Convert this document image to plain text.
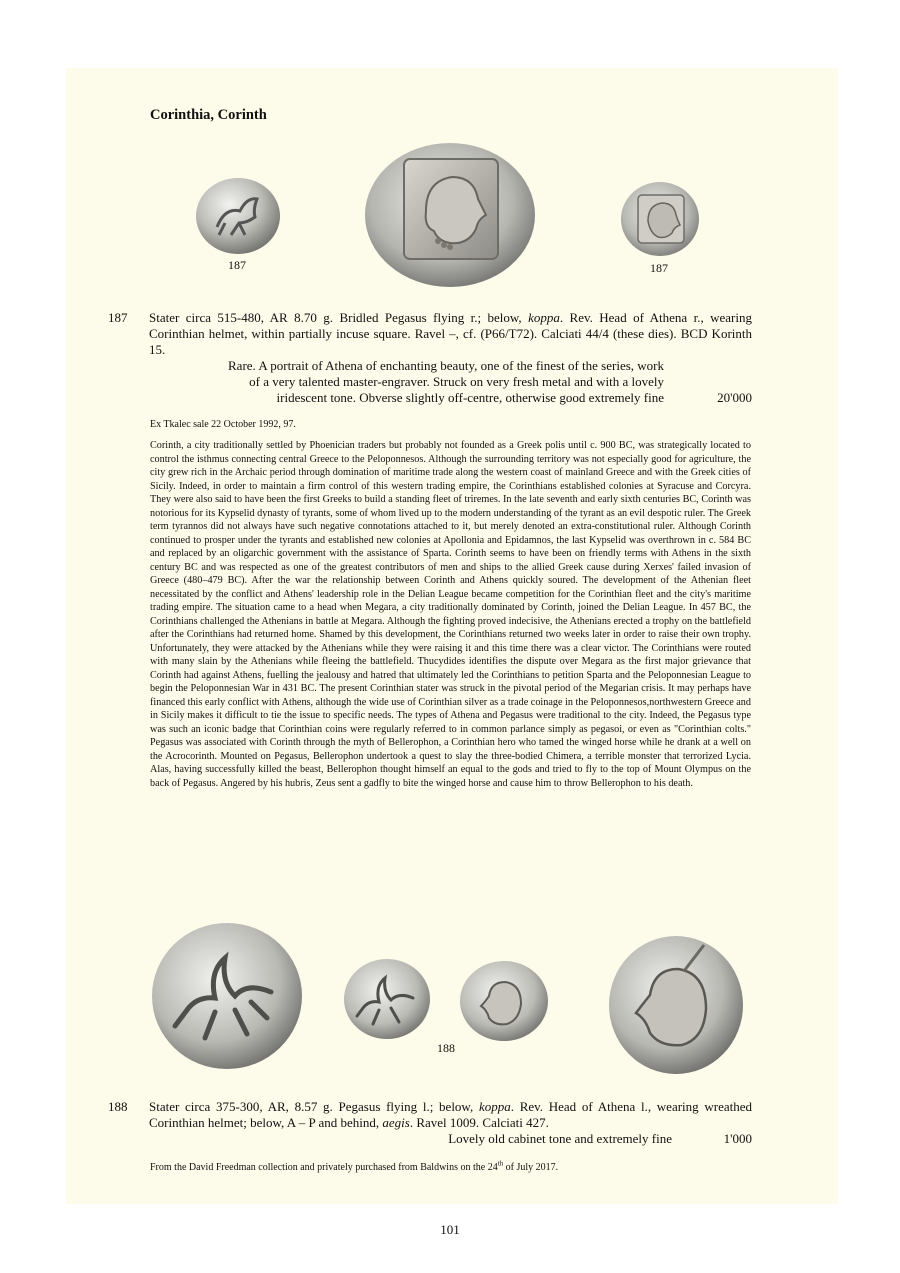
Corinthia, Corinth
187	187
187 Stater circa 515-480, AR 8.70 g. Bridled Pegasus flying r.; below, koppa. Rev. Head of Athena r., wearing Corinthian helmet, within partially incuse square. Ravel –, cf. (P66/T72). Calciati 44/4 (these dies). BCD Korinth 15.
Rare. A portrait of Athena of enchanting beauty, one of the finest of the series, work
of a very talented master-engraver. Struck on very fresh metal and with a lovely
iridescent tone. Obverse slightly off-centre, otherwise good extremely fine	20'000
Ex Tkalec sale 22 October 1992, 97.
Corinth, a city traditionally settled by Phoenician traders but probably not founded as a Greek polis until c. 900 BC, was strategically located to control the isthmus connecting central Greece to the Peloponnesos. Although the surrounding territory was not especially good for agriculture, the city grew rich in the Archaic period through domination of maritime trade along the western coast of mainland Greece and with the Greek cities of Sicily. Indeed, in order to maintain a firm control of this western trading empire, the Corinthians established colonies at Syracuse and Corcyra. They were also said to have been the first Greeks to build a standing fleet of triremes. In the late seventh and early sixth centuries BC, Corinth was notorious for its Kypselid dynasty of tyrants, some of whom lived up to the modern understanding of the tyrant as an evil despotic ruler. The Greek term tyrannos did not always have such negative connotations attached to it, but merely denoted an extra-constitutional ruler. Although Corinth continued to prosper under the tyrants and established new colonies at Apollonia and Epidamnos, the last Kypselid was overthrown in c. 584 BC and replaced by an oligarchic government with the assistance of Sparta. Corinth seems to have been on friendly terms with Athens in the sixth century BC and was respected as one of the greatest contributors of men and ships to the allied Greek cause during Xerxes' failed invasion of Greece (480–479 BC). After the war the relationship between Corinth and Athens quickly soured. The development of the Athenian fleet necessitated by the conflict and Athens' leadership role in the Delian League became competition for the Corinthian fleet and the city's maritime trading empire. The situation came to a head when Megara, a city traditionally dominated by Corinth, joined the Delian League. In 457 BC, the Corinthians challenged the Athenians in battle at Megara. Although the fighting proved indecisive, the Athenians erected a trophy on the battlefield after the Corinthians had returned home. Shamed by this development, the Corinthians returned two weeks later in order to raise their own trophy. Unfortunately, they were attacked by the Athenians while they were raising it and this time there was a clear victor. The Corinthians were routed with many slain by the Athenians while fleeing the battlefield. Thucydides identifies the dispute over Megara as the first major grievance that Corinth had against Athens, fuelling the jealousy and hatred that ultimately led the Corinthians to petition Sparta and the Peloponnesian League to begin the Peloponnesian War in 431 BC. The present Corinthian stater was struck in the pivotal period of the Megarian crisis. It may perhaps have financed this early conflict with Athens, although the wide use of Corinthian silver as a trade coinage in the Peloponnesos,northwestern Greece and in Sicily makes it difficult to tie the issue to specific needs. The types of Athena and Pegasus were traditional to the city. Indeed, the Pegasus type was such an iconic badge that Corinthian coins were regularly referred to in common parlance simply as pegasoi, or even as "Corinthian colts." Pegasus was associated with Corinth through the myth of Bellerophon, a Corinthian hero who tamed the winged horse while he drank at a well on the Acrocorinth. Mounted on Pegasus, Bellerophon undertook a quest to slay the three-bodied Chimera, a terrible monster that terrorized Lycia. Alas, having successfully killed the beast, Bellerophon thought himself an equal to the gods and tried to fly to the top of Mount Olympus on the back of Pegasus. Angered by his hubris, Zeus sent a gadfly to bite the winged horse and cause him to throw Bellerophon to his death.
188
188 Stater circa 375-300, AR, 8.57 g. Pegasus flying l.; below, koppa. Rev. Head of Athena l., wearing wreathed Corinthian helmet; below, A – P and behind, aegis. Ravel 1009. Calciati 427.
Lovely old cabinet tone and extremely fine	1'000
From the David Freedman collection and privately purchased from Baldwins on the 24th of July 2017.
101
